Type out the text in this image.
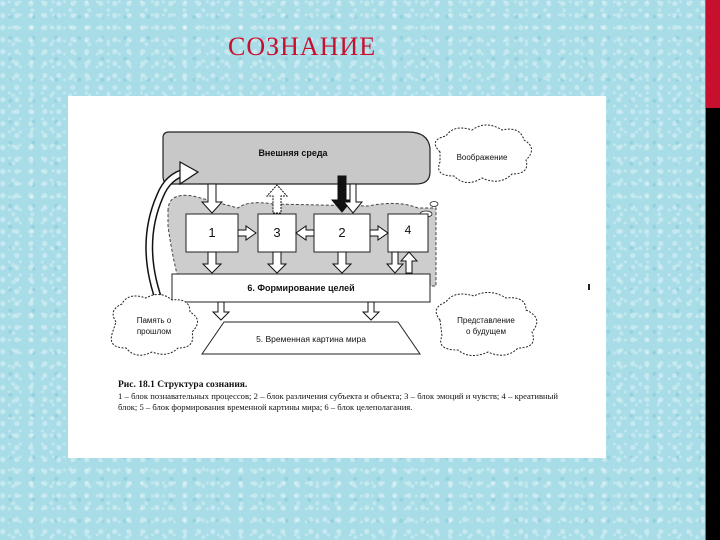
СОЗНАНИЕ
Внешняя среда	Воображение
1	3	2	4
6. Формирование целей
5. Временная картина мира
Память о
прошлом
Представление
о будущем
Рис. 18.1 Структура сознания.
1 – блок познавательных процессов; 2 – блок различения субъекта и объекта; 3 – блок эмоций и чувств; 4 – креативный блок; 5 – блок формирования временной картины мира; 6 – блок целеполагания.
